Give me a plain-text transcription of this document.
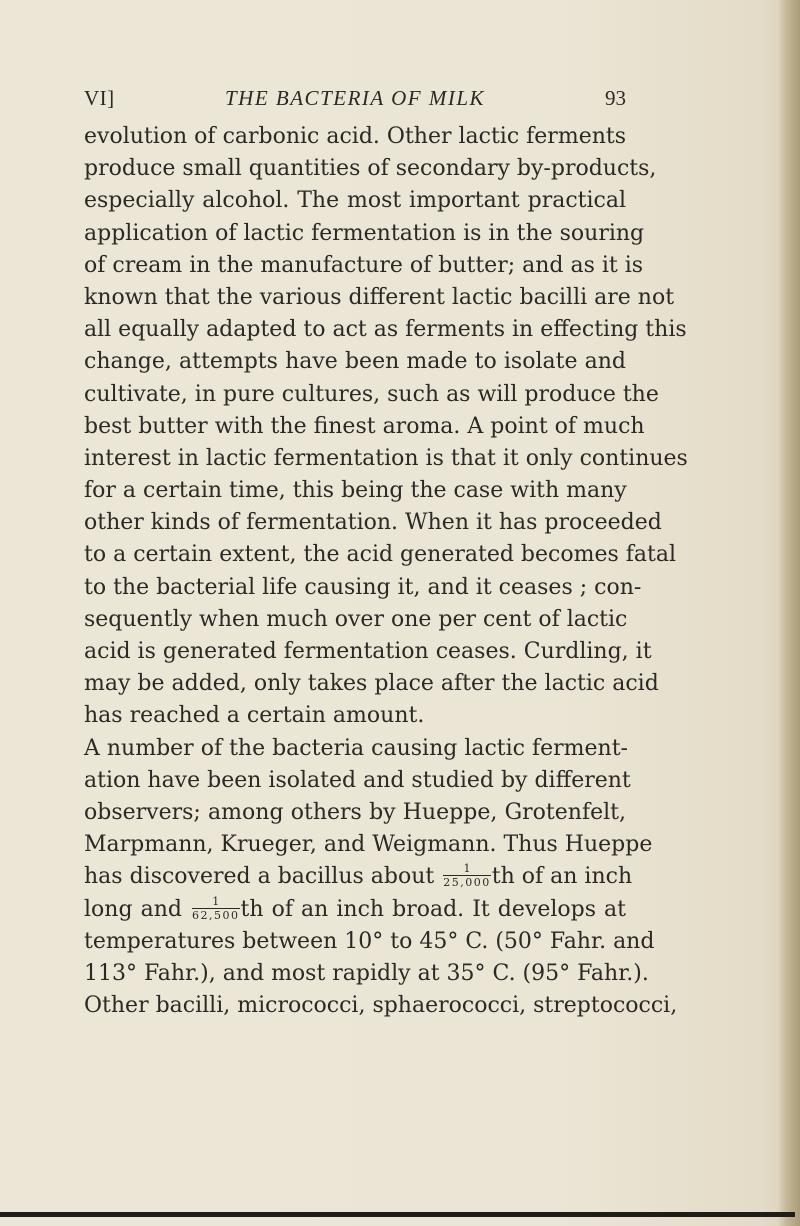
VI]	THE BACTERIA OF MILK	93
evolution of carbonic acid. Other lactic ferments
produce small quantities of secondary by-products,
especially alcohol. The most important practical
application of lactic fermentation is in the souring
of cream in the manufacture of butter; and as it is
known that the various different lactic bacilli are not
all equally adapted to act as ferments in effecting this
change, attempts have been made to isolate and
cultivate, in pure cultures, such as will produce the
best butter with the finest aroma. A point of much
interest in lactic fermentation is that it only continues
for a certain time, this being the case with many
other kinds of fermentation. When it has proceeded
to a certain extent, the acid generated becomes fatal
to the bacterial life causing it, and it ceases ; con-
sequently when much over one per cent of lactic
acid is generated fermentation ceases. Curdling, it
may be added, only takes place after the lactic acid
has reached a certain amount.
A number of the bacteria causing lactic ferment-
ation have been isolated and studied by different
observers; among others by Hueppe, Grotenfelt,
Marpmann, Krueger, and Weigmann. Thus Hueppe
has discovered a bacillus about $\frac{1}{25,000}$ th of an inch
long and $\frac{1}{62,500}$ th of an inch broad. It develops at
temperatures between 10° to 45° C. (50° Fahr. and
113° Fahr.), and most rapidly at 35° C. (95° Fahr.).
Other bacilli, micrococci, sphaerococci, streptococci,
